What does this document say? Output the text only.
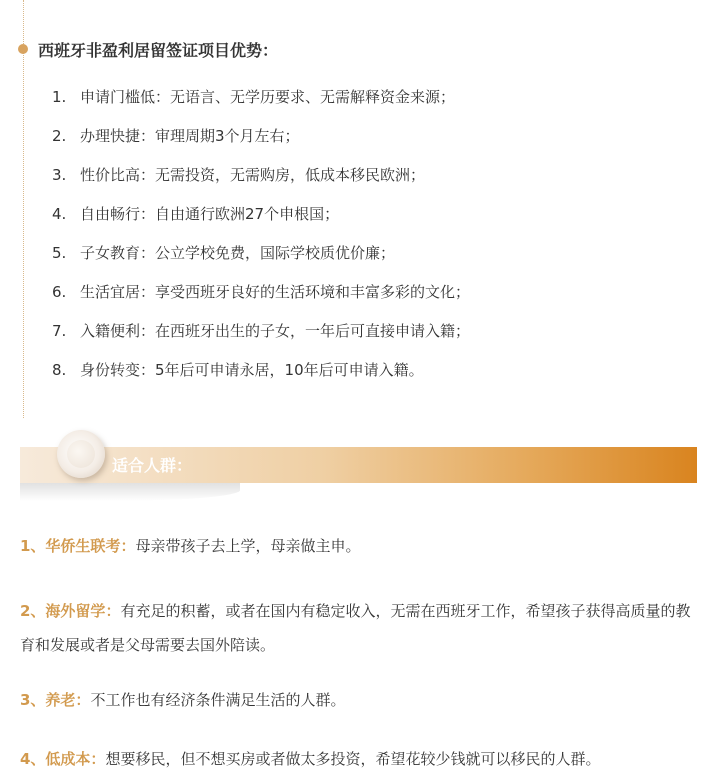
西班牙非盈利居留签证项目优势：
1. 申请门槛低：无语言、无学历要求、无需解释资金来源；
2. 办理快捷：审理周期3个月左右；
3. 性价比高：无需投资，无需购房，低成本移民欧洲；
4. 自由畅行：自由通行欧洲27个申根国；
5. 子女教育：公立学校免费，国际学校质优价廉；
6. 生活宜居：享受西班牙良好的生活环境和丰富多彩的文化；
7. 入籍便利：在西班牙出生的子女，一年后可直接申请入籍；
8. 身份转变：5年后可申请永居，10年后可申请入籍。
适合人群：

1、华侨生联考：母亲带孩子去上学，母亲做主申。

2、海外留学：有充足的积蓄，或者在国内有稳定收入，无需在西班牙工作，希望孩子获得高质量的教育和发展或者是父母需要去国外陪读。

3、养老：不工作也有经济条件满足生活的人群。

4、低成本：想要移民，但不想买房或者做太多投资，希望花较少钱就可以移民的人群。
